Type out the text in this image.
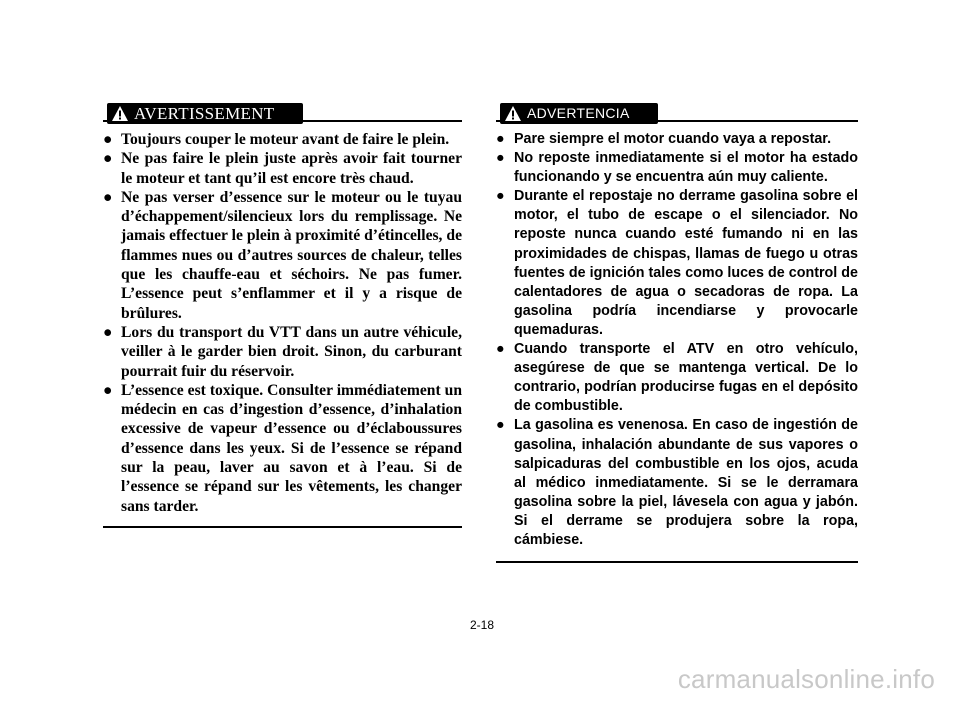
AVERTISSEMENT
● Toujours couper le moteur avant de faire le plein.
● Ne pas faire le plein juste après avoir fait tourner le moteur et tant qu’il est encore très chaud.
● Ne pas verser d’essence sur le moteur ou le tuyau d’échappement/silencieux lors du remplissage. Ne jamais effectuer le plein à proximité d’étincelles, de flammes nues ou d’autres sources de chaleur, telles que les chauffe-eau et séchoirs. Ne pas fumer. L’essence peut s’enflammer et il y a risque de brûlures.
● Lors du transport du VTT dans un autre véhicule, veiller à le garder bien droit. Sinon, du carburant pourrait fuir du réservoir.
● L’essence est toxique. Consulter immédiatement un médecin en cas d’ingestion d’essence, d’inhalation excessive de vapeur d’essence ou d’éclaboussures d’essence dans les yeux. Si de l’essence se répand sur la peau, laver au savon et à l’eau. Si de l’essence se répand sur les vêtements, les changer sans tarder.
ADVERTENCIA
● Pare siempre el motor cuando vaya a repostar.
● No reposte inmediatamente si el motor ha estado funcionando y se encuentra aún muy caliente.
● Durante el repostaje no derrame gasolina sobre el motor, el tubo de escape o el silenciador. No reposte nunca cuando esté fumando ni en las proximidades de chispas, llamas de fuego u otras fuentes de ignición tales como luces de control de calentadores de agua o secadoras de ropa. La gasolina podría incendiarse y provocarle quemaduras.
● Cuando transporte el ATV en otro vehículo, asegúrese de que se mantenga vertical. De lo contrario, podrían producirse fugas en el depósito de combustible.
● La gasolina es venenosa. En caso de ingestión de gasolina, inhalación abundante de sus vapores o salpicaduras del combustible en los ojos, acuda al médico inmediatamente. Si se le derramara gasolina sobre la piel, lávesela con agua y jabón. Si el derrame se produjera sobre la ropa, cámbiese.
2-18
carmanualsonline.info
